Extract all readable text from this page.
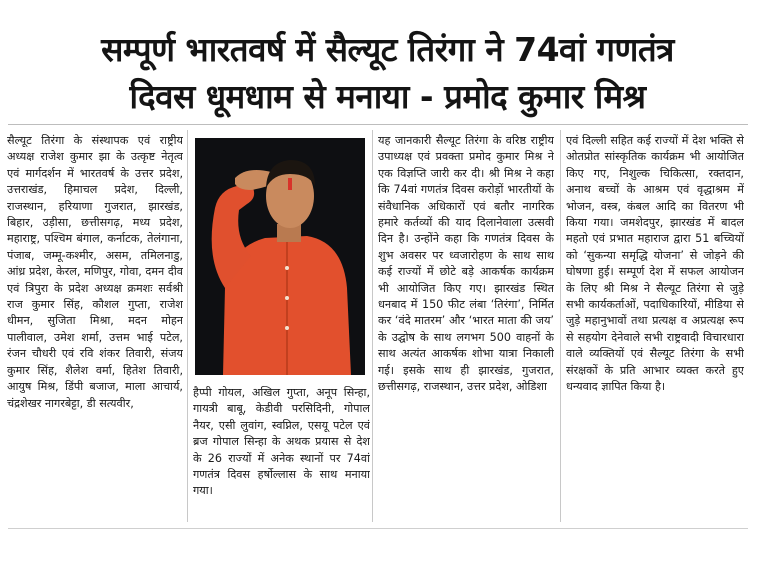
सम्पूर्ण भारतवर्ष में सैल्यूट तिरंगा ने 74वां गणतंत्र
दिवस धूमधाम से मनाया - प्रमोद कुमार मिश्र
सैल्यूट तिरंगा के संस्थापक एवं राष्ट्रीय अध्यक्ष राजेश कुमार झा के उत्कृष्ट नेतृत्व एवं मार्गदर्शन में भारतवर्ष के उत्तर प्रदेश, उत्तराखंड, हिमाचल प्रदेश, दिल्ली, राजस्थान, हरियाणा गुजरात, झारखंड, बिहार, उड़ीसा, छत्तीसगढ़, मध्य प्रदेश, महाराष्ट्र, पश्चिम बंगाल, कर्नाटक, तेलंगाना, पंजाब, जम्मू-कश्मीर, असम, तमिलनाडु, आंध्र प्रदेश, केरल, मणिपुर, गोवा, दमन दीव एवं त्रिपुरा के प्रदेश अध्यक्ष क्रमशः सर्वश्री राज कुमार सिंह, कौशल गुप्ता, राजेश धीमन, सुजिता मिश्रा, मदन मोहन पालीवाल, उमेश शर्मा, उत्तम भाई पटेल, रंजन चौधरी एवं रवि शंकर तिवारी, संजय कुमार सिंह, शैलेश वर्मा, हितेश तिवारी, आयुष मिश्र, डिंपी बजाज, माला आचार्य, चंद्रशेखर नागरबेट्टा, डी सत्यवीर,
हैप्पी गोयल, अखिल गुप्ता, अनूप सिन्हा, गायत्री बाबू, केडीवी परसिदिनी, गोपाल नैयर, एसी लुवांग, स्वप्निल, एसयू पटेल एवं ब्रज गोपाल सिन्हा के अथक प्रयास से देश के 26 राज्यों में अनेक स्थानों पर 74वां गणतंत्र दिवस हर्षोल्लास के साथ मनाया गया।
यह जानकारी सैल्यूट तिरंगा के वरिष्ठ राष्ट्रीय उपाध्यक्ष एवं प्रवक्ता प्रमोद कुमार मिश्र ने एक विज्ञप्ति जारी कर दी। श्री मिश्र ने कहा कि 74वां गणतंत्र दिवस करोड़ों भारतीयों के संवैधानिक अधिकारों एवं बतौर नागरिक हमारे कर्तव्यों की याद दिलानेवाला उत्सवी दिन है। उन्होंने कहा कि गणतंत्र दिवस के शुभ अवसर पर ध्वजारोहण के साथ साथ कई राज्यों में छोटे बड़े आकर्षक कार्यक्रम भी आयोजित किए गए। झारखंड स्थित धनबाद में 150 फीट लंबा ‘तिरंगा’, निर्मित कर ‘वंदे मातरम’ और ‘भारत माता की जय’ के उद्घोष के साथ लगभग 500 वाहनों के साथ अत्यंत आकर्षक शोभा यात्रा निकाली गई। इसके साथ ही झारखंड, गुजरात, छत्तीसगढ़, राजस्थान, उत्तर प्रदेश, ओडिशा
एवं दिल्ली सहित कई राज्यों में देश भक्ति से ओतप्रोत सांस्कृतिक कार्यक्रम भी आयोजित किए गए, निशुल्क चिकित्सा, रक्तदान, अनाथ बच्चों के आश्रम एवं वृद्धाश्रम में भोजन, वस्त्र, कंबल आदि का वितरण भी किया गया। जमशेदपुर, झारखंड में बादल महतो एवं प्रभात महाराज द्वारा 51 बच्चियों को ‘सुकन्या समृद्धि योजना’ से जोड़ने की घोषणा हुई। सम्पूर्ण देश में सफल आयोजन के लिए श्री मिश्र ने सैल्यूट तिरंगा से जुड़े सभी कार्यकर्ताओं, पदाधिकारियों, मीडिया से जुड़े महानुभावों तथा प्रत्यक्ष व अप्रत्यक्ष रूप से सहयोग देनेवाले सभी राष्ट्रवादी विचारधारा वाले व्यक्तियों एवं सैल्यूट तिरंगा के सभी संरक्षकों के प्रति आभार व्यक्त करते हुए धन्यवाद ज्ञापित किया है।
